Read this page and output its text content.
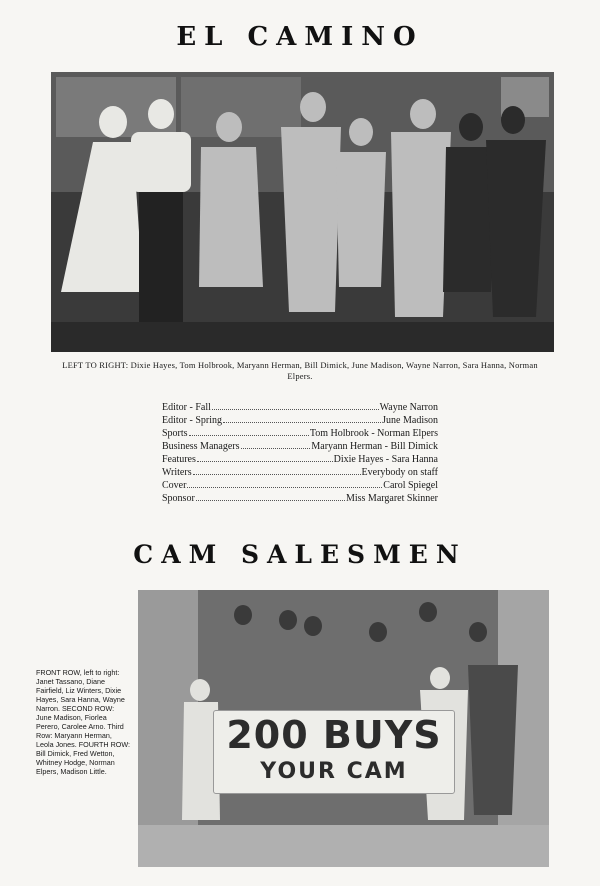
EL CAMINO
LEFT TO RIGHT: Dixie Hayes, Tom Holbrook, Maryann Herman, Bill Dimick, June Madison, Wayne Narron, Sara Hanna, Norman Elpers.
Editor - Fall	Wayne Narron
Editor - Spring	June Madison
Sports	Tom Holbrook - Norman Elpers
Business Managers	Maryann Herman - Bill Dimick
Features	Dixie Hayes - Sara Hanna
Writers	Everybody on staff
Cover	Carol Spiegel
Sponsor	Miss Margaret Skinner
CAM SALESMEN
FRONT ROW, left to right: Janet Tassano, Diane Fairfield, Liz Winters, Dixie Hayes, Sara Hanna, Wayne Narron. SECOND ROW: June Madison, Fiorlea Perero, Carolee Arno. Third Row: Maryann Herman, Leola Jones. FOURTH ROW: Bill Dimick, Fred Wetton, Whitney Hodge, Norman Elpers, Madison Little.
200 BUYS
YOUR CAM
